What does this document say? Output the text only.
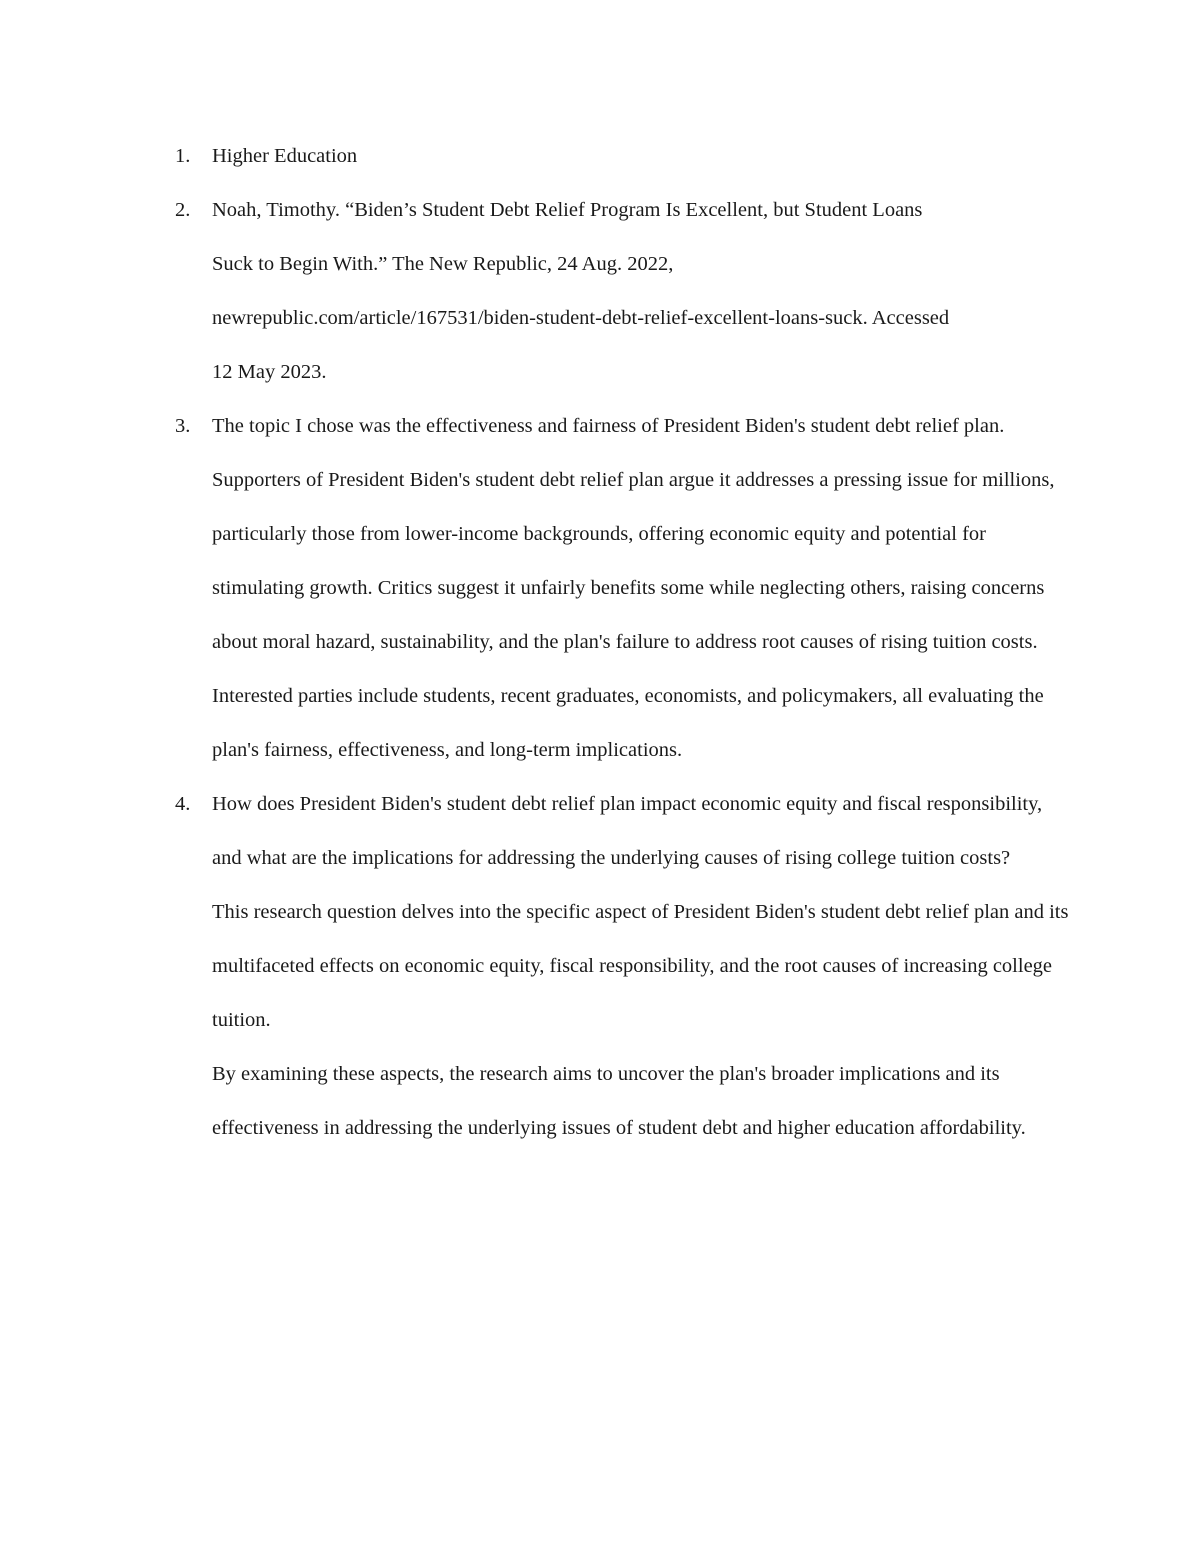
1. Higher Education

2. Noah, Timothy. “Biden’s Student Debt Relief Program Is Excellent, but Student Loans
Suck to Begin With.” The New Republic, 24 Aug. 2022,
newrepublic.com/article/167531/biden-student-debt-relief-excellent-loans-suck. Accessed
12 May 2023.
3. The topic I chose was the effectiveness and fairness of President Biden's student debt relief plan.

Supporters of President Biden's student debt relief plan argue it addresses a pressing issue for millions, particularly those from lower-income backgrounds, offering economic equity and potential for stimulating growth. Critics suggest it unfairly benefits some while neglecting others, raising concerns about moral hazard, sustainability, and the plan's failure to address root causes of rising tuition costs. Interested parties include students, recent graduates, economists, and policymakers, all evaluating the plan's fairness, effectiveness, and long-term implications.

4. How does President Biden's student debt relief plan impact economic equity and fiscal responsibility, and what are the implications for addressing the underlying causes of rising college tuition costs?

This research question delves into the specific aspect of President Biden's student debt relief plan and its multifaceted effects on economic equity, fiscal responsibility, and the root causes of increasing college tuition.

By examining these aspects, the research aims to uncover the plan's broader implications and its effectiveness in addressing the underlying issues of student debt and higher education affordability.
